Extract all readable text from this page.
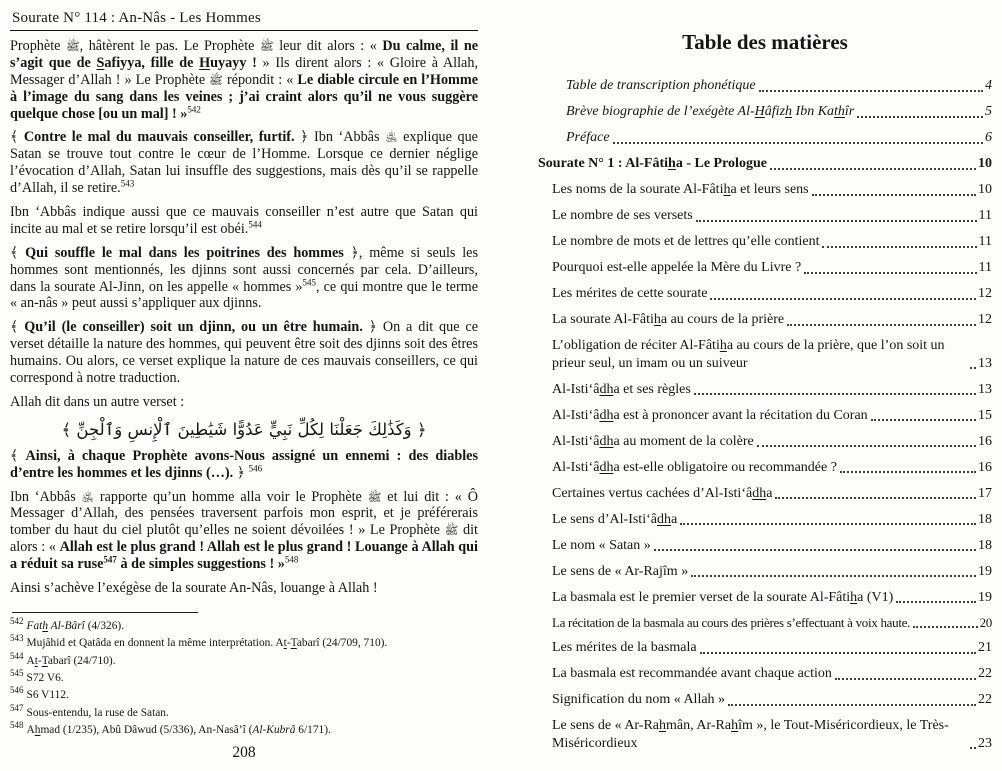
Sourate N° 114 : An-Nâs - Les Hommes

Prophète ﷺ, hâtèrent le pas. Le Prophète ﷺ leur dit alors : « Du calme, il ne s’agit que de Safiyya, fille de Huyayy ! » Ils dirent alors : « Gloire à Allah, Messager d’Allah ! » Le Prophète ﷺ répondit : « Le diable circule en l’Homme à l’image du sang dans les veines ; j’ai craint alors qu’il ne vous suggère quelque chose [ou un mal] ! »$^{542}$

﴾ Contre le mal du mauvais conseiller, furtif. ﴿ Ibn ‘Abbâs ﵁ explique que Satan se trouve tout contre le cœur de l’Homme. Lorsque ce dernier néglige l’évocation d’Allah, Satan lui insuffle des suggestions, mais dès qu’il se rappelle d’Allah, il se retire.$^{543}$

Ibn ‘Abbâs indique aussi que ce mauvais conseiller n’est autre que Satan qui incite au mal et se retire lorsqu’il est obéi.$^{544}$

﴾ Qui souffle le mal dans les poitrines des hommes ﴿, même si seuls les hommes sont mentionnés, les djinns sont aussi concernés par cela. D’ailleurs, dans la sourate Al-Jinn, on les appelle « hommes »$^{545}$, ce qui montre que le terme « an-nâs » peut aussi s’appliquer aux djinns.

﴾ Qu’il (le conseiller) soit un djinn, ou un être humain. ﴿ On a dit que ce verset détaille la nature des hommes, qui peuvent être soit des djinns soit des êtres humains. Ou alors, ce verset explique la nature de ces mauvais conseillers, ce qui correspond à notre traduction.

Allah dit dans un autre verset :

﴿ وَكَذَٰلِكَ جَعَلْنَا لِكُلِّ نَبِيٍّ عَدُوًّا شَيَٰطِينَ ٱلْإِنسِ وَٱلْجِنِّ ﴾

﴾ Ainsi, à chaque Prophète avons-Nous assigné un ennemi : des diables d’entre les hommes et les djinns (…). ﴿ $^{546}$

Ibn ‘Abbâs ﵁ rapporte qu’un homme alla voir le Prophète ﷺ et lui dit : « Ô Messager d’Allah, des pensées traversent parfois mon esprit, et je préférerais tomber du haut du ciel plutôt qu’elles ne soient dévoilées ! » Le Prophète ﷺ dit alors : « Allah est le plus grand ! Allah est le plus grand ! Louange à Allah qui a réduit sa ruse$^{547}$ à de simples suggestions ! »$^{548}$

Ainsi s’achève l’exégèse de la sourate An-Nâs, louange à Allah !

$^{542}$ Fath Al-Bârî (4/326).
$^{543}$ Mujâhid et Qatâda en donnent la même interprétation. At-Tabarî (24/709, 710).
$^{544}$ At-Tabarî (24/710).
$^{545}$ S72 V6.
$^{546}$ S6 V112.
$^{547}$ Sous-entendu, la ruse de Satan.
$^{548}$ Ahmad (1/235), Abû Dâwud (5/336), An-Nasâ’î (Al-Kubrâ 6/171).
208
Table des matières
Table de transcription phonétique	4
Brève biographie de l’exégète Al-Hâfizh Ibn Kathîr	5
Préface	6
Sourate N° 1 : Al-Fâtiha - Le Prologue	10
Les noms de la sourate Al-Fâtiha et leurs sens	10
Le nombre de ses versets	11
Le nombre de mots et de lettres qu’elle contient	11
Pourquoi est-elle appelée la Mère du Livre ?	11
Les mérites de cette sourate	12
La sourate Al-Fâtiha au cours de la prière	12
L’obligation de réciter Al-Fâtiha au cours de la prière, que l’on soit un prieur seul, un imam ou un suiveur	13
Al-Isti‘âdha et ses règles	13
Al-Isti‘âdha est à prononcer avant la récitation du Coran	15
Al-Isti‘âdha au moment de la colère	16
Al-Isti‘âdha est-elle obligatoire ou recommandée ?	16
Certaines vertus cachées d’Al-Isti‘âdha	17
Le sens d’Al-Isti‘âdha	18
Le nom « Satan »	18
Le sens de « Ar-Rajîm »	19
La basmala est le premier verset de la sourate Al-Fâtiha (V1)	19
La récitation de la basmala au cours des prières s’effectuant à voix haute.	20
Les mérites de la basmala	21
La basmala est recommandée avant chaque action	22
Signification du nom « Allah »	22
Le sens de « Ar-Rahmân, Ar-Rahîm », le Tout-Miséricordieux, le Très-Miséricordieux	23
